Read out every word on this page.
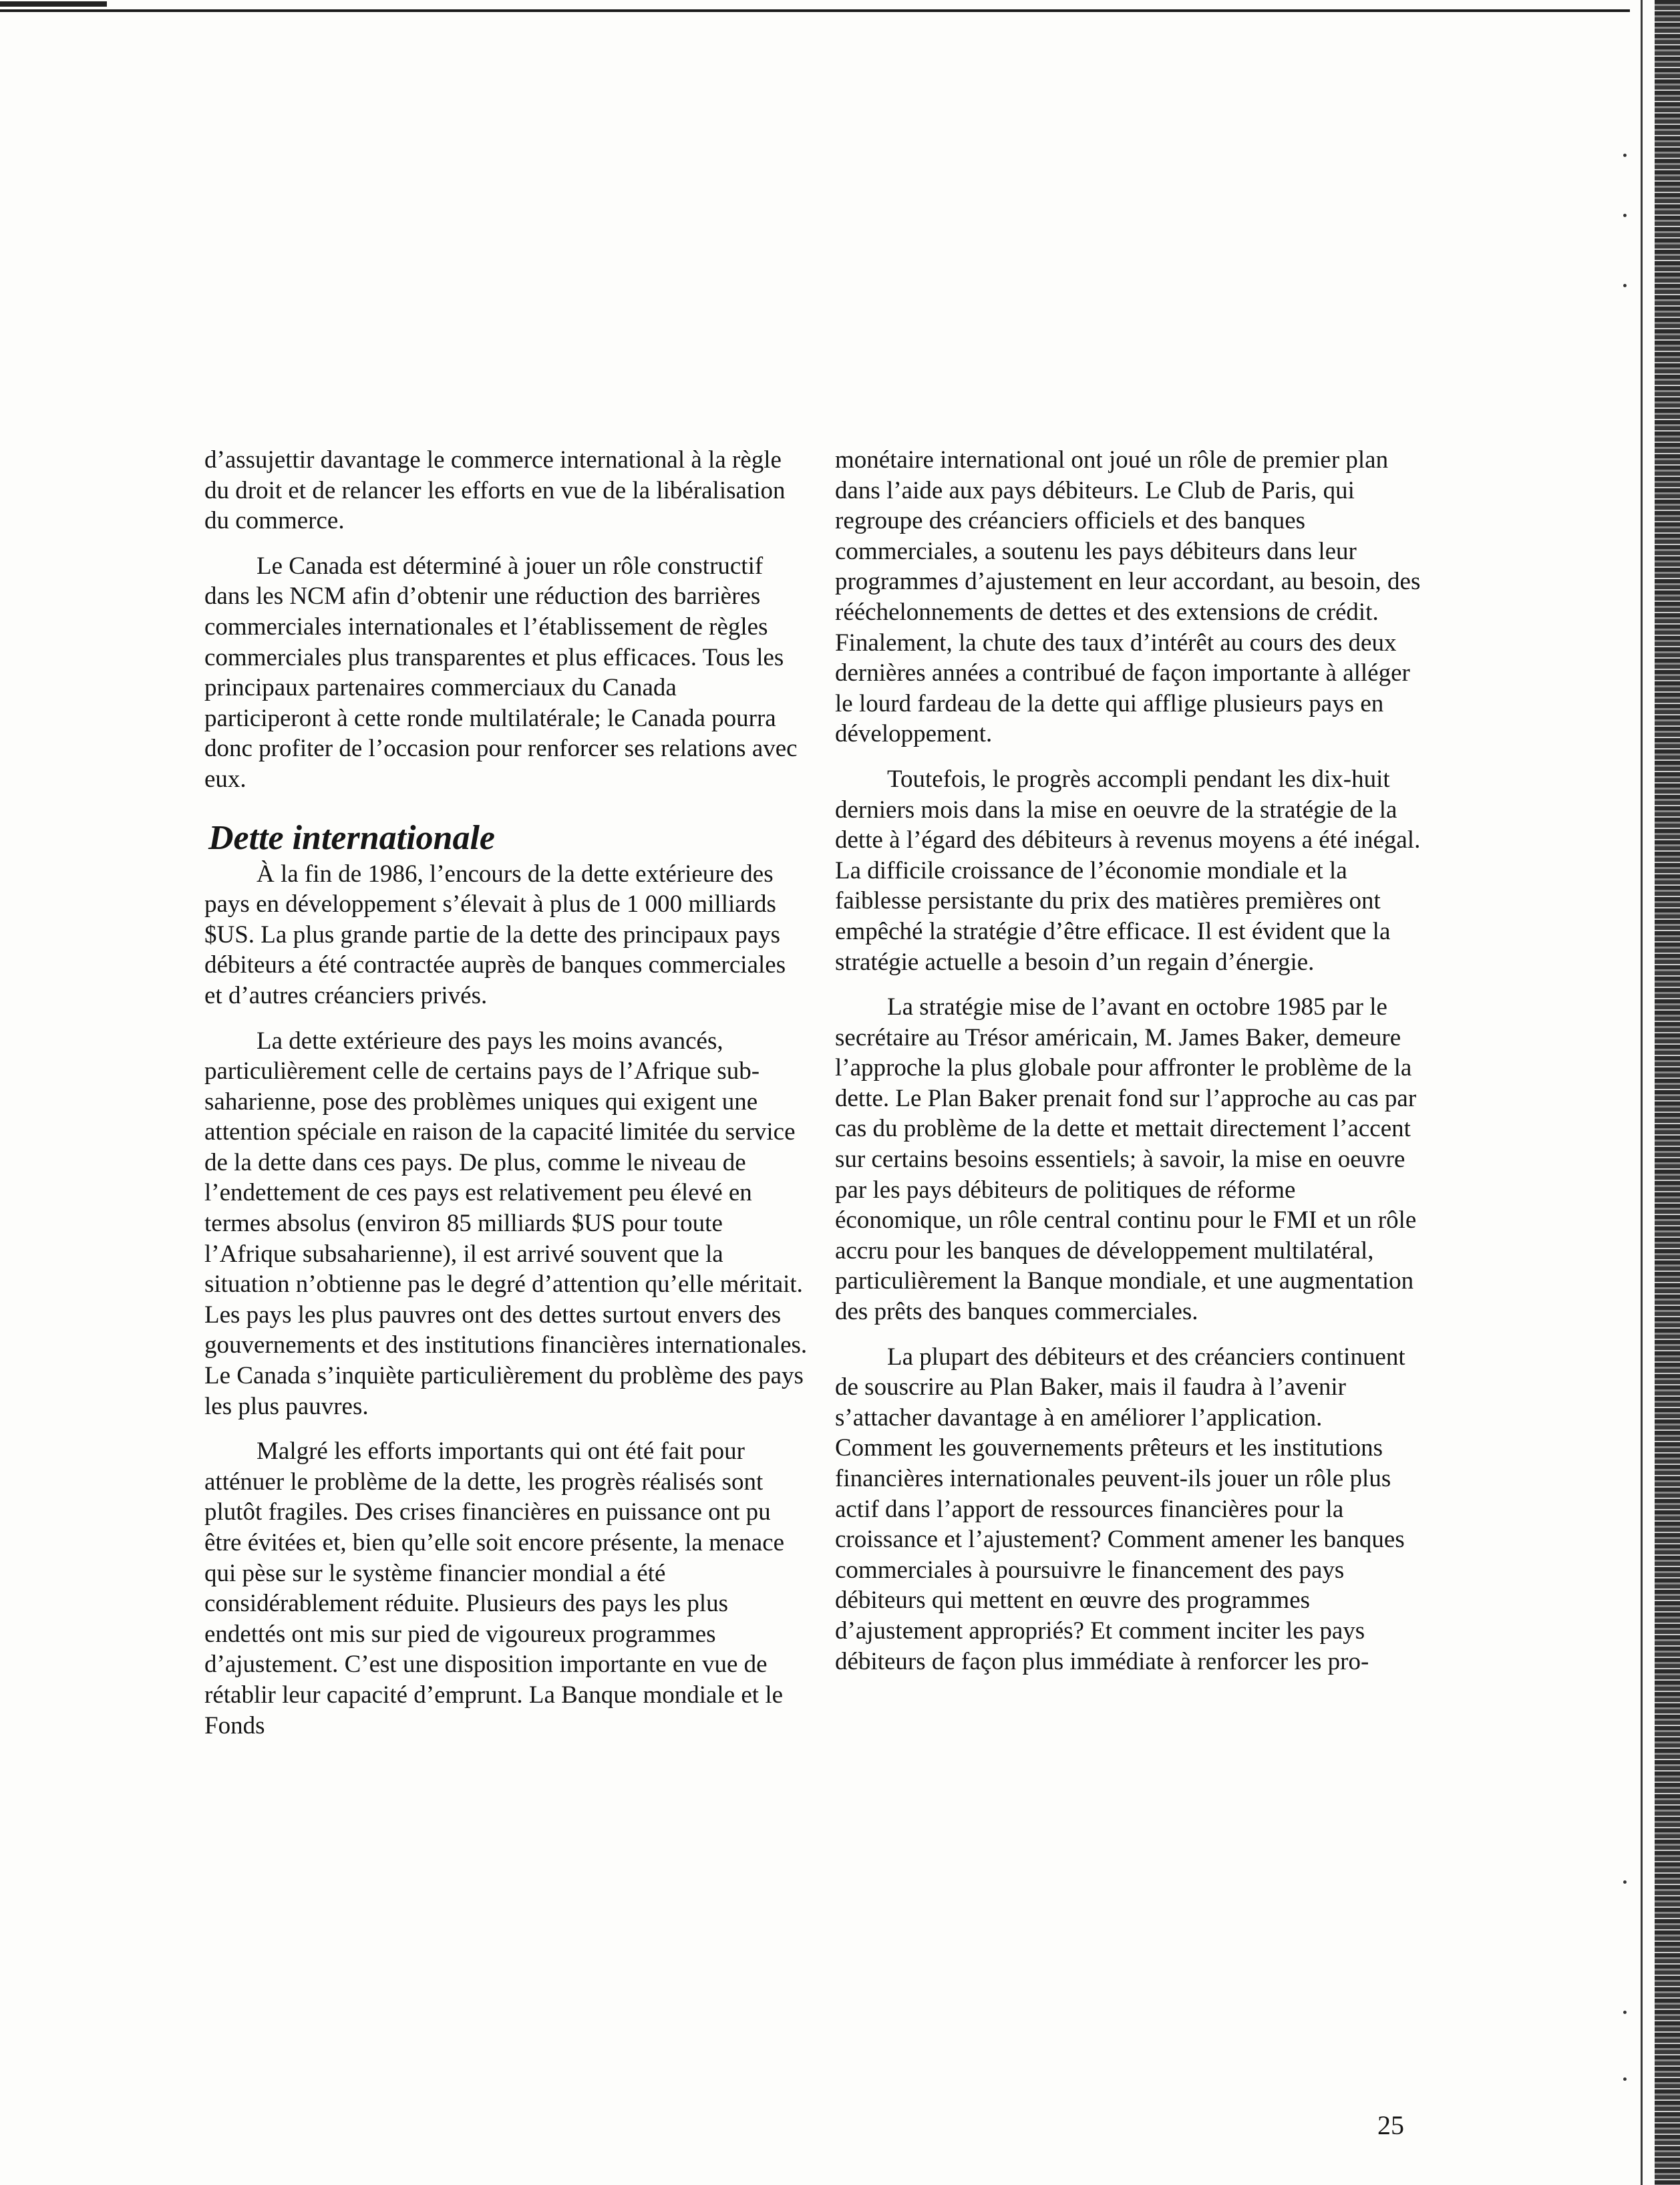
d’assujettir davantage le commerce international à la règle du droit et de relancer les efforts en vue de la libéralisation du commerce.

Le Canada est déterminé à jouer un rôle constructif dans les NCM afin d’obtenir une réduction des barrières commerciales internationales et l’établissement de règles commerciales plus transparentes et plus efficaces. Tous les principaux partenaires commerciaux du Canada participeront à cette ronde multilatérale; le Canada pourra donc profiter de l’occasion pour renforcer ses relations avec eux.

Dette internationale

À la fin de 1986, l’encours de la dette extérieure des pays en développement s’élevait à plus de 1 000 milliards $US. La plus grande partie de la dette des principaux pays débiteurs a été contractée auprès de banques commerciales et d’autres créanciers privés.

La dette extérieure des pays les moins avancés, particulièrement celle de certains pays de l’Afrique sub-saharienne, pose des problèmes uniques qui exigent une attention spéciale en raison de la capacité limitée du service de la dette dans ces pays. De plus, comme le niveau de l’endettement de ces pays est relativement peu élevé en termes absolus (environ 85 milliards $US pour toute l’Afrique subsaharienne), il est arrivé souvent que la situation n’obtienne pas le degré d’attention qu’elle méritait. Les pays les plus pauvres ont des dettes surtout envers des gouvernements et des institutions financières internationales. Le Canada s’inquiète particulièrement du problème des pays les plus pauvres.

Malgré les efforts importants qui ont été fait pour atténuer le problème de la dette, les progrès réalisés sont plutôt fragiles. Des crises financières en puissance ont pu être évitées et, bien qu’elle soit encore présente, la menace qui pèse sur le système financier mondial a été considérablement réduite. Plusieurs des pays les plus endettés ont mis sur pied de vigoureux programmes d’ajustement. C’est une disposition importante en vue de rétablir leur capacité d’emprunt. La Banque mondiale et le Fonds

monétaire international ont joué un rôle de premier plan dans l’aide aux pays débiteurs. Le Club de Paris, qui regroupe des créanciers officiels et des banques commerciales, a soutenu les pays débiteurs dans leur programmes d’ajustement en leur accordant, au besoin, des rééchelonnements de dettes et des extensions de crédit. Finalement, la chute des taux d’intérêt au cours des deux dernières années a contribué de façon importante à alléger le lourd fardeau de la dette qui afflige plusieurs pays en développement.

Toutefois, le progrès accompli pendant les dix-huit derniers mois dans la mise en oeuvre de la stratégie de la dette à l’égard des débiteurs à revenus moyens a été inégal. La difficile croissance de l’économie mondiale et la faiblesse persistante du prix des matières premières ont empêché la stratégie d’être efficace. Il est évident que la stratégie actuelle a besoin d’un regain d’énergie.

La stratégie mise de l’avant en octobre 1985 par le secrétaire au Trésor américain, M. James Baker, demeure l’approche la plus globale pour affronter le problème de la dette. Le Plan Baker prenait fond sur l’approche au cas par cas du problème de la dette et mettait directement l’accent sur certains besoins essentiels; à savoir, la mise en oeuvre par les pays débiteurs de politiques de réforme économique, un rôle central continu pour le FMI et un rôle accru pour les banques de développement multilatéral, particulièrement la Banque mondiale, et une augmentation des prêts des banques commerciales.

La plupart des débiteurs et des créanciers continuent de souscrire au Plan Baker, mais il faudra à l’avenir s’attacher davantage à en améliorer l’application. Comment les gouvernements prêteurs et les institutions financières internationales peuvent-ils jouer un rôle plus actif dans l’apport de ressources financières pour la croissance et l’ajustement? Comment amener les banques commerciales à poursuivre le financement des pays débiteurs qui mettent en œuvre des programmes d’ajustement appropriés? Et comment inciter les pays débiteurs de façon plus immédiate à renforcer les pro-

25
